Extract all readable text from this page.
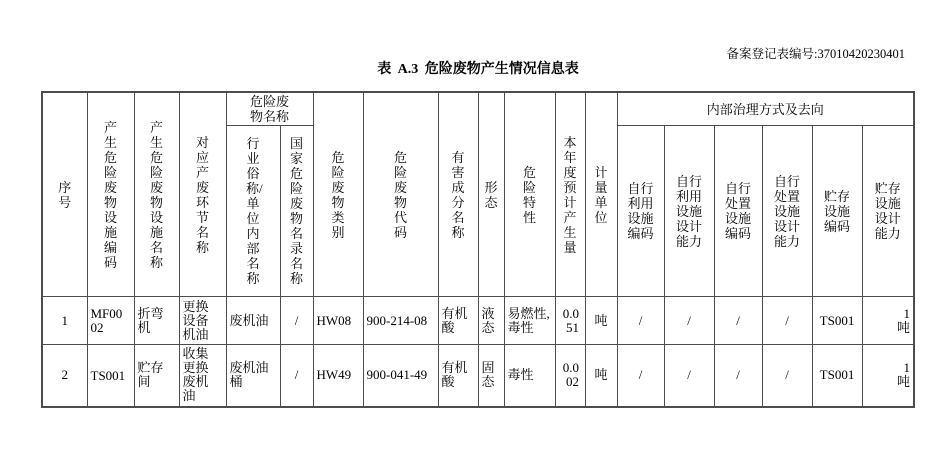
备案登记表编号:37010420230401
表 A.3 危险废物产生情况信息表
序号	产生危险废物设施编码	产生危险废物设施名称	对应产废环节名称	危险废物名称		危险废物类别	危险废物代码	有害成分名称	形态	危险特性	本年度预计产生量	计量单位	内部治理方式及去向					
				行业俗称/单位内部名称	国家危险废物名录名称								自行利用设施编码	自行利用设施设计能力	自行处置设施编码	自行处置设施设计能力	贮存设施编码	贮存设施设计能力
1	MF0002	折弯机	更换设备机油	废机油	/	HW08	900-214-08	有机酸	液态	易燃性,毒性	0.051	吨	/	/	/	/	TS001	1 吨
2	TS001	贮存间	收集更换废机油	废机油桶	/	HW49	900-041-49	有机酸	固态	毒性	0.002	吨	/	/	/	/	TS001	1 吨
